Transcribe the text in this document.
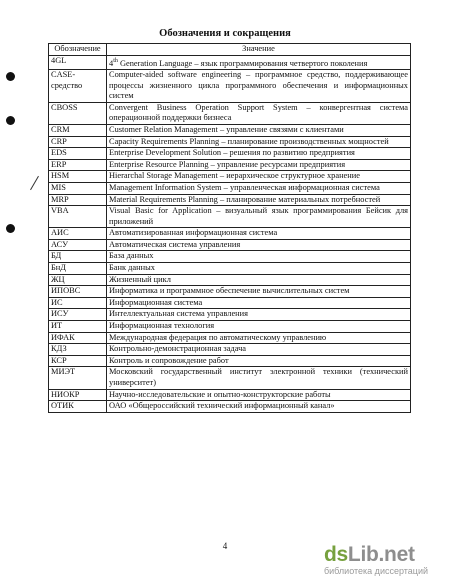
Обозначения и сокращения
Обозначение	Значение
4GL	4th Generation Language – язык программирования четвертого поколения
CASE-средство	Computer-aided software engineering – программное средство, поддерживающее процессы жизненного цикла программного обеспечения и информационных систем
CBOSS	Convergent Business Operation Support System – конвергентная система операционной поддержки бизнеса
CRM	Customer Relation Management – управление связями с клиентами
CRP	Capacity Requirements Planning – планирование производственных мощностей
EDS	Enterprise Development Solution – решения по развитию предприятия
ERP	Enterprise Resource Planning – управление ресурсами предприятия
HSM	Hierarchal Storage Management – иерархическое структурное хранение
MIS	Management Information System – управленческая информационная система
MRP	Material Requirements Planning – планирование материальных потребностей
VBA	Visual Basic for Application – визуальный язык программирования Бейсик для приложений
АИС	Автоматизированная информационная система
АСУ	Автоматическая система управления
БД	База данных
БнД	Банк данных
ЖЦ	Жизненный цикл
ИПОВС	Информатика и программное обеспечение вычислительных систем
ИС	Информационная система
ИСУ	Интеллектуальная система управления
ИТ	Информационная технология
ИФАК	Международная федерация по автоматическому управлению
КДЗ	Контрольно-демонстрационная задача
КСР	Контроль и сопровождение работ
МИЭТ	Московский государственный институт электронной техники (технический университет)
НИОКР	Научно-исследовательские и опытно-конструкторские работы
ОТИК	ОАО «Общероссийский технический информационный канал»
4	dsLib.net
библиотека диссертаций
